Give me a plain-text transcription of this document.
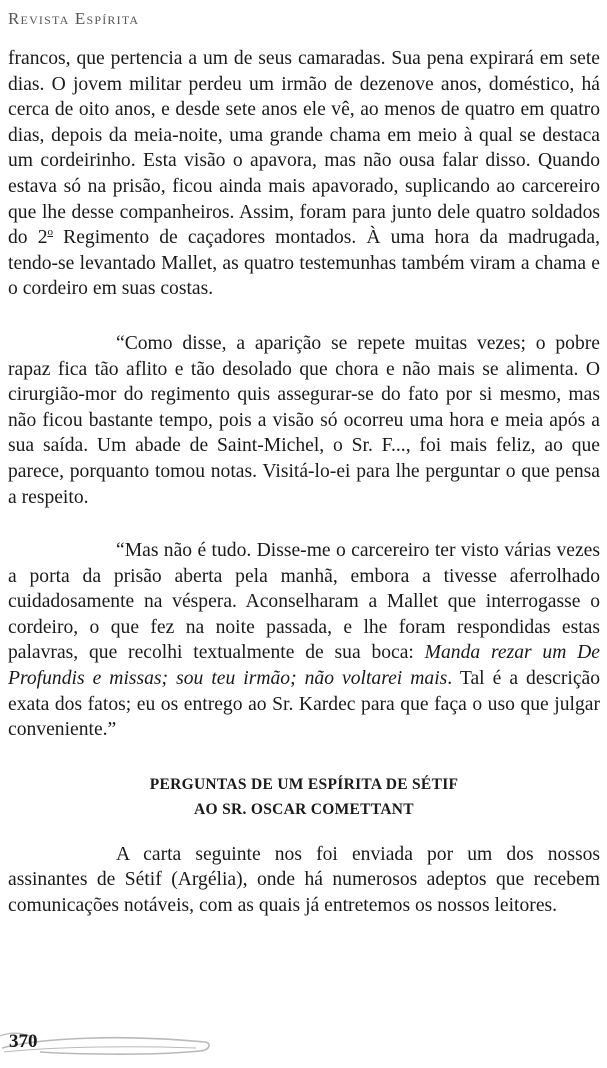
Revista Espírita

francos, que pertencia a um de seus camaradas. Sua pena expirará em sete dias. O jovem militar perdeu um irmão de dezenove anos, doméstico, há cerca de oito anos, e desde sete anos ele vê, ao menos de quatro em quatro dias, depois da meia-noite, uma grande chama em meio à qual se destaca um cordeirinho. Esta visão o apavora, mas não ousa falar disso. Quando estava só na prisão, ficou ainda mais apavorado, suplicando ao carcereiro que lhe desse companheiros. Assim, foram para junto dele quatro soldados do 2$^o$ Regimento de caçadores montados. À uma hora da madrugada, tendo-se levantado Mallet, as quatro testemunhas também viram a chama e o cordeiro em suas costas.

“Como disse, a aparição se repete muitas vezes; o pobre rapaz fica tão aflito e tão desolado que chora e não mais se alimenta. O cirurgião-mor do regimento quis assegurar-se do fato por si mesmo, mas não ficou bastante tempo, pois a visão só ocorreu uma hora e meia após a sua saída. Um abade de Saint-Michel, o Sr. F..., foi mais feliz, ao que parece, porquanto tomou notas. Visitá-lo-ei para lhe perguntar o que pensa a respeito.

“Mas não é tudo. Disse-me o carcereiro ter visto várias vezes a porta da prisão aberta pela manhã, embora a tivesse aferrolhado cuidadosamente na véspera. Aconselharam a Mallet que interrogasse o cordeiro, o que fez na noite passada, e lhe foram respondidas estas palavras, que recolhi textualmente de sua boca: Manda rezar um De Profundis e missas; sou teu irmão; não voltarei mais. Tal é a descrição exata dos fatos; eu os entrego ao Sr. Kardec para que faça o uso que julgar conveniente.”

PERGUNTAS DE UM ESPÍRITA DE SÉTIF
AO SR. OSCAR COMETTANT

A carta seguinte nos foi enviada por um dos nossos assinantes de Sétif (Argélia), onde há numerosos adeptos que recebem comunicações notáveis, com as quais já entretemos os nossos leitores.

370
